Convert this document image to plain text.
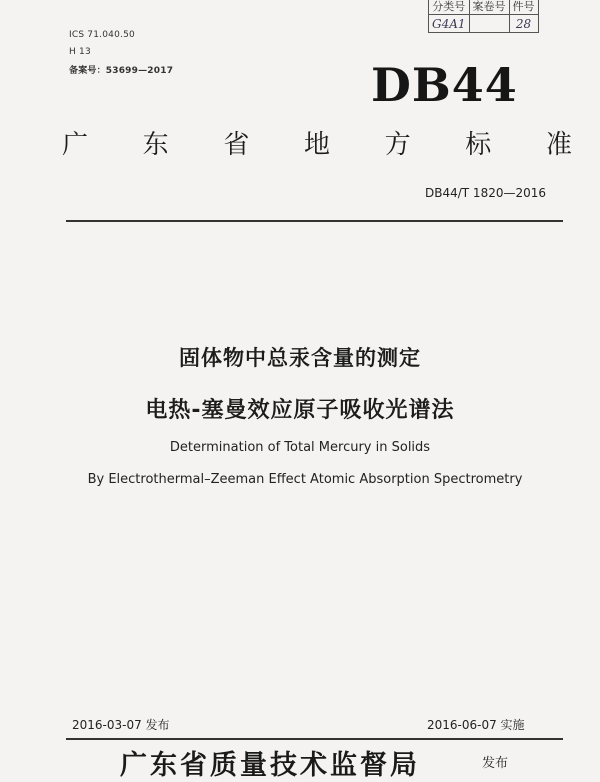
分类号	案卷号	件号
G4A1		28
ICS 71.040.50
H 13
备案号：53699—2017	DB44
广 东 省 地 方 标 准
DB44/T 1820—2016
固体物中总汞含量的测定
电热-塞曼效应原子吸收光谱法
Determination of Total Mercury in Solids
By Electrothermal–Zeeman Effect Atomic Absorption Spectrometry
2016-03-07 发布	2016-06-07 实施
广东省质量技术监督局	发布
